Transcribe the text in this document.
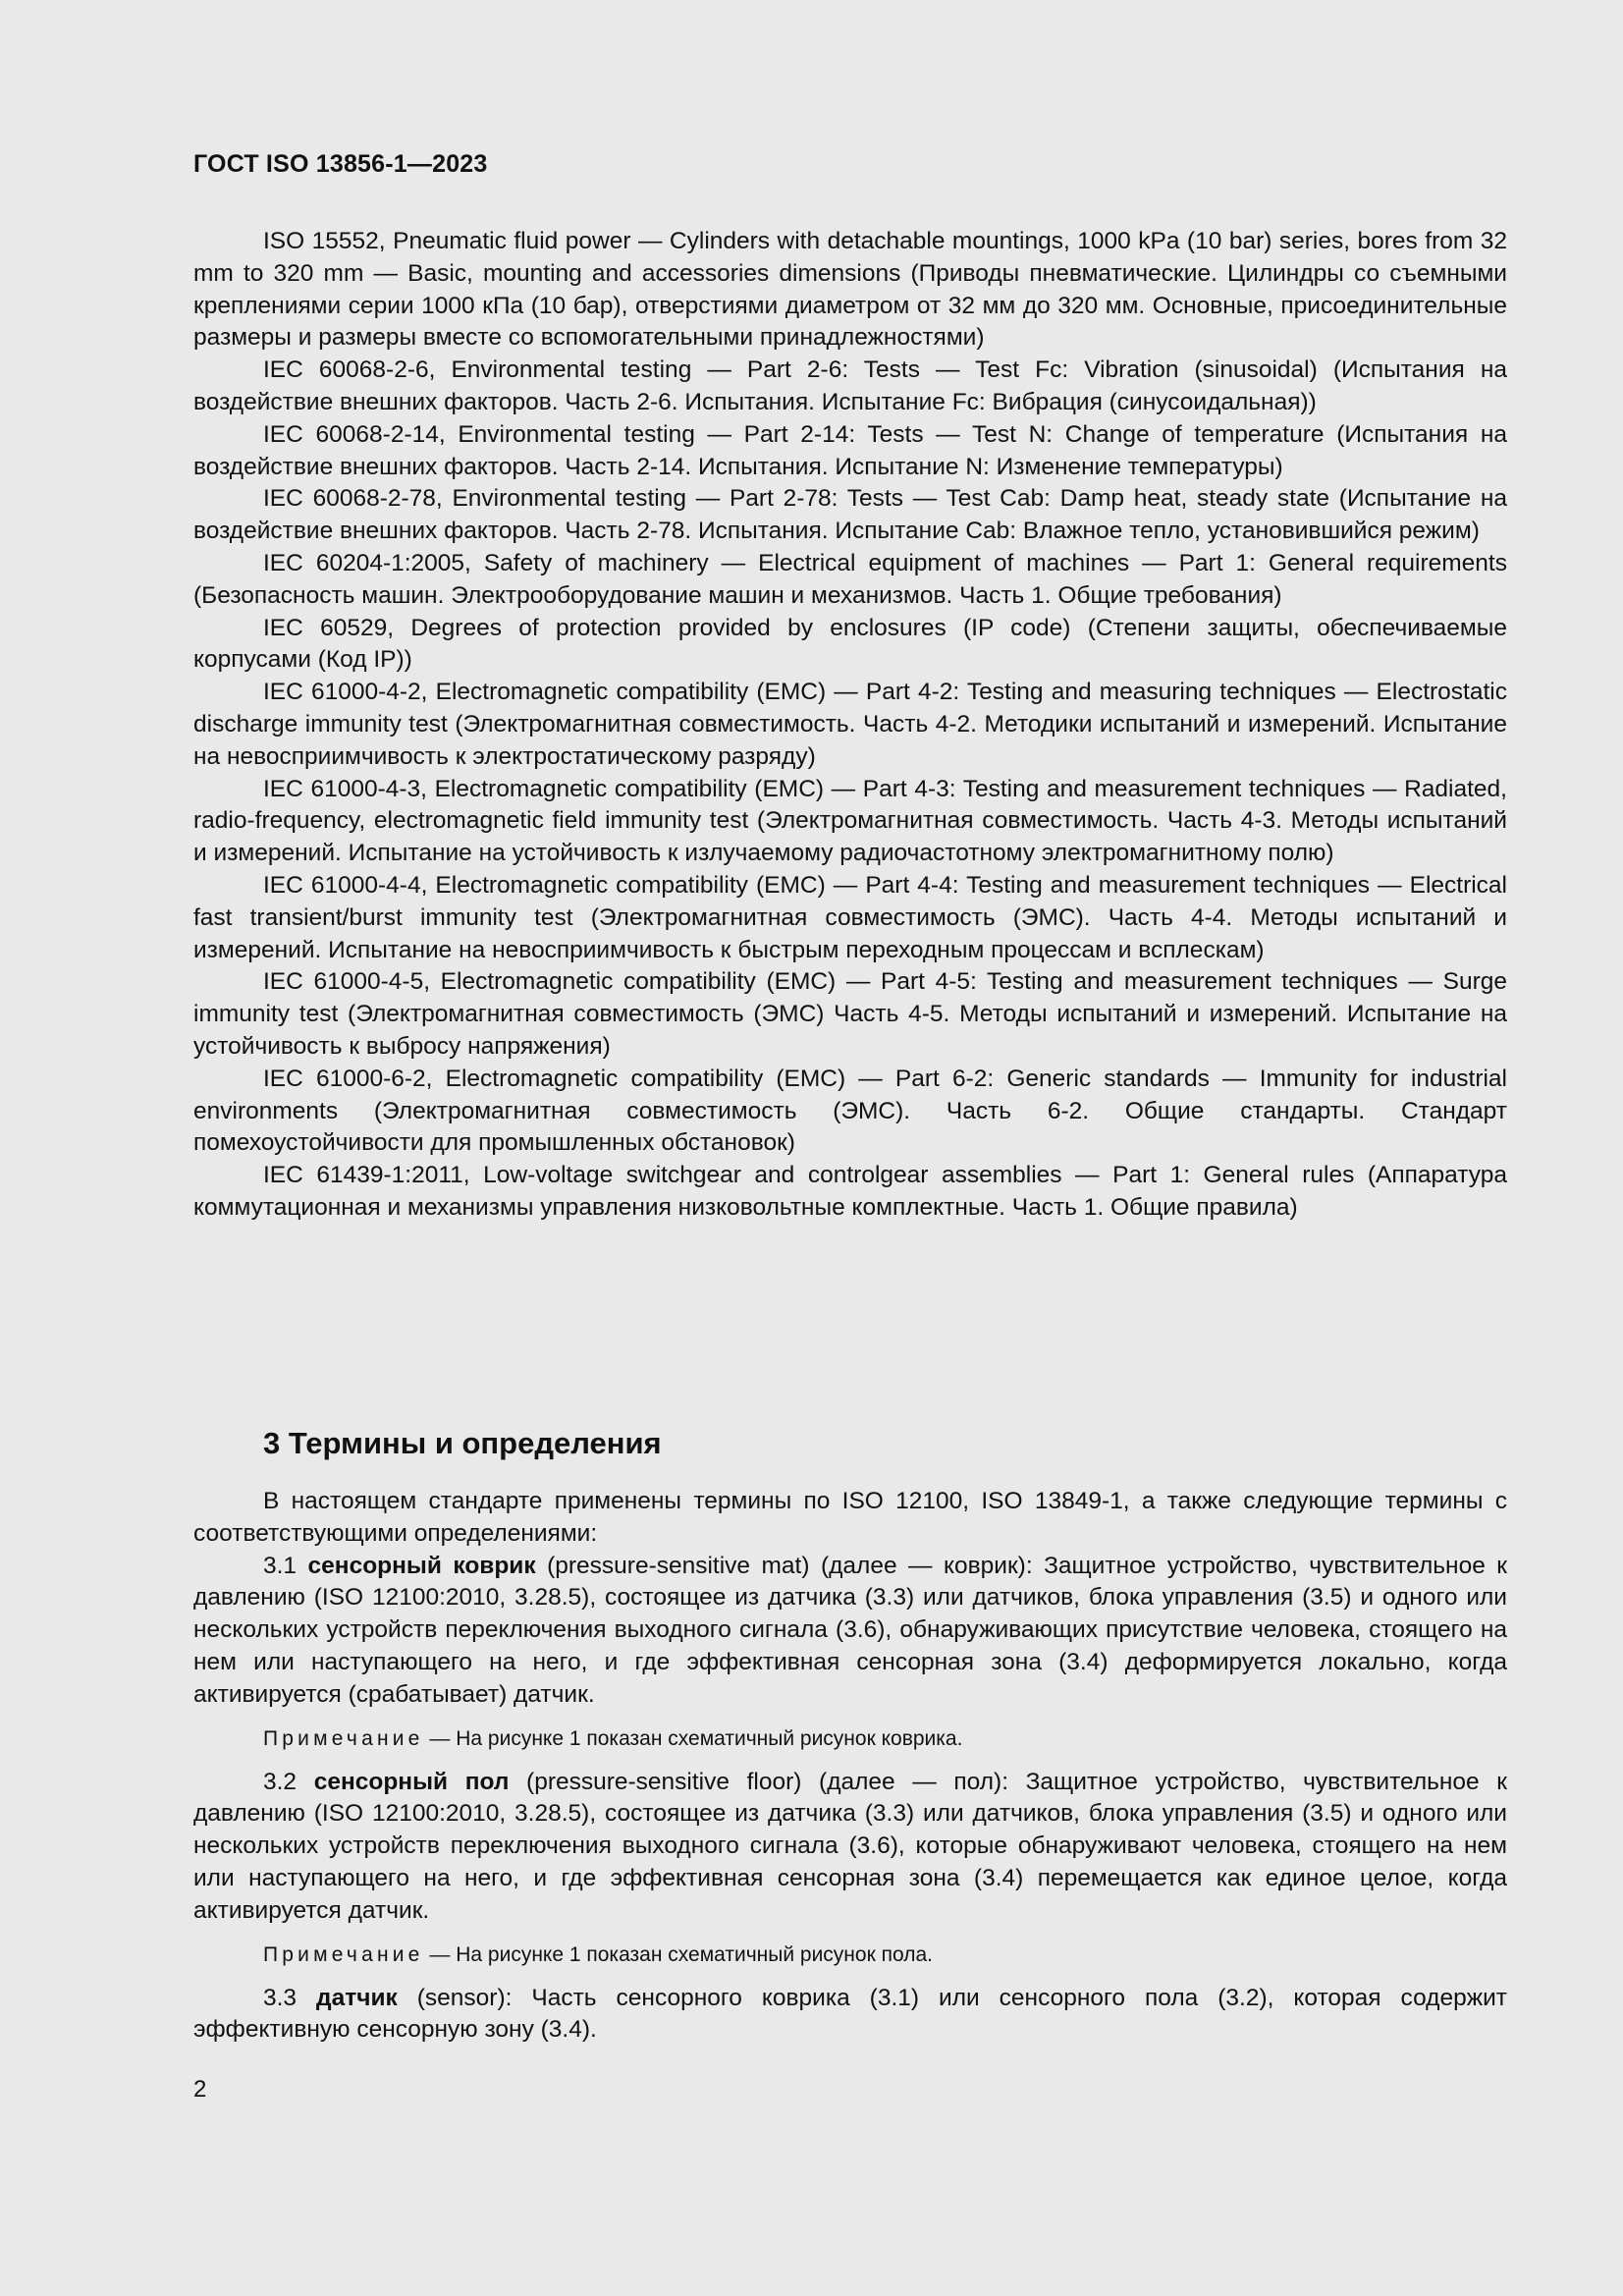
ГОСТ ISO 13856-1—2023

ISO 15552, Pneumatic fluid power — Cylinders with detachable mountings, 1000 kPa (10 bar) series, bores from 32 mm to 320 mm — Basic, mounting and accessories dimensions (Приводы пневматические. Цилиндры со съемными креплениями серии 1000 кПа (10 бар), отверстиями диаметром от 32 мм до 320 мм. Основные, присоединительные размеры и размеры вместе со вспомогательными принадлежностями)

IEC 60068-2-6, Environmental testing — Part 2-6: Tests — Test Fc: Vibration (sinusoidal) (Испытания на воздействие внешних факторов. Часть 2-6. Испытания. Испытание Fc: Вибрация (синусоидальная))

IEC 60068-2-14, Environmental testing — Part 2-14: Tests — Test N: Change of temperature (Испытания на воздействие внешних факторов. Часть 2-14. Испытания. Испытание N: Изменение температуры)

IEC 60068-2-78, Environmental testing — Part 2-78: Tests — Test Cab: Damp heat, steady state (Испытание на воздействие внешних факторов. Часть 2-78. Испытания. Испытание Cab: Влажное тепло, установившийся режим)

IEC 60204-1:2005, Safety of machinery — Electrical equipment of machines — Part 1: General requirements (Безопасность машин. Электрооборудование машин и механизмов. Часть 1. Общие требования)

IEC 60529, Degrees of protection provided by enclosures (IP code) (Степени защиты, обеспечиваемые корпусами (Код IP))

IEC 61000-4-2, Electromagnetic compatibility (EMC) — Part 4-2: Testing and measuring techniques — Electrostatic discharge immunity test (Электромагнитная совместимость. Часть 4-2. Методики испытаний и измерений. Испытание на невосприимчивость к электростатическому разряду)

IEC 61000-4-3, Electromagnetic compatibility (EMC) — Part 4-3: Testing and measurement techniques — Radiated, radio-frequency, electromagnetic field immunity test (Электромагнитная совместимость. Часть 4-3. Методы испытаний и измерений. Испытание на устойчивость к излучаемому радиочастотному электромагнитному полю)

IEC 61000-4-4, Electromagnetic compatibility (EMC) — Part 4-4: Testing and measurement techniques — Electrical fast transient/burst immunity test (Электромагнитная совместимость (ЭМС). Часть 4-4. Методы испытаний и измерений. Испытание на невосприимчивость к быстрым переходным процессам и всплескам)

IEC 61000-4-5, Electromagnetic compatibility (EMC) — Part 4-5: Testing and measurement techniques — Surge immunity test (Электромагнитная совместимость (ЭМС) Часть 4-5. Методы испытаний и измерений. Испытание на устойчивость к выбросу напряжения)

IEC 61000-6-2, Electromagnetic compatibility (EMC) — Part 6-2: Generic standards — Immunity for industrial environments (Электромагнитная совместимость (ЭМС). Часть 6-2. Общие стандарты. Стандарт помехоустойчивости для промышленных обстановок)

IEC 61439-1:2011, Low-voltage switchgear and controlgear assemblies — Part 1: General rules (Аппаратура коммутационная и механизмы управления низковольтные комплектные. Часть 1. Общие правила)

3 Термины и определения

В настоящем стандарте применены термины по ISO 12100, ISO 13849-1, а также следующие термины с соответствующими определениями:

3.1 сенсорный коврик (pressure-sensitive mat) (далее — коврик): Защитное устройство, чувствительное к давлению (ISO 12100:2010, 3.28.5), состоящее из датчика (3.3) или датчиков, блока управления (3.5) и одного или нескольких устройств переключения выходного сигнала (3.6), обнаруживающих присутствие человека, стоящего на нем или наступающего на него, и где эффективная сенсорная зона (3.4) деформируется локально, когда активируется (срабатывает) датчик.

Примечание — На рисунке 1 показан схематичный рисунок коврика.

3.2 сенсорный пол (pressure-sensitive floor) (далее — пол): Защитное устройство, чувствительное к давлению (ISO 12100:2010, 3.28.5), состоящее из датчика (3.3) или датчиков, блока управления (3.5) и одного или нескольких устройств переключения выходного сигнала (3.6), которые обнаруживают человека, стоящего на нем или наступающего на него, и где эффективная сенсорная зона (3.4) перемещается как единое целое, когда активируется датчик.

Примечание — На рисунке 1 показан схематичный рисунок пола.

3.3 датчик (sensor): Часть сенсорного коврика (3.1) или сенсорного пола (3.2), которая содержит эффективную сенсорную зону (3.4).

2
